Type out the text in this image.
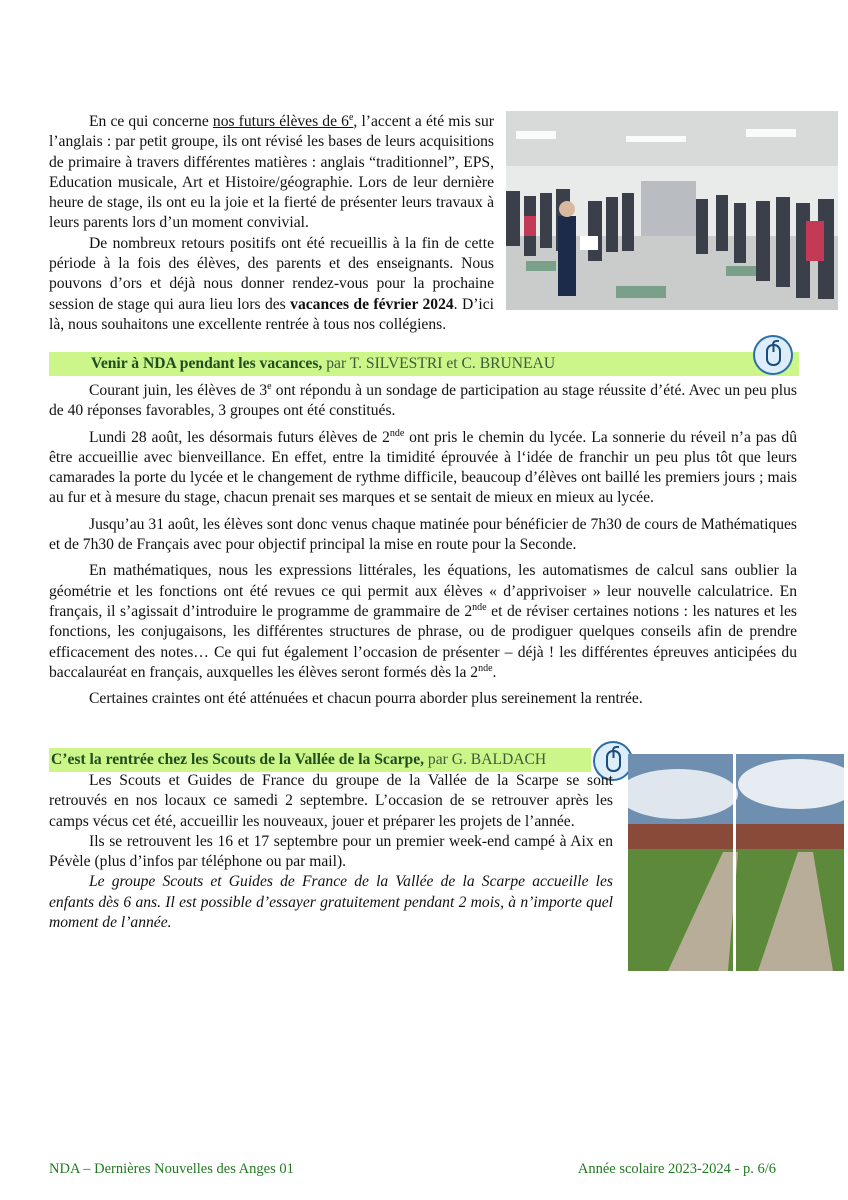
En ce qui concerne nos futurs élèves de 6e, l’accent a été mis sur l’anglais : par petit groupe, ils ont révisé les bases de leurs acquisitions de primaire à travers différentes matières : anglais “traditionnel”, EPS, Education musicale, Art et Histoire/géographie. Lors de leur dernière heure de stage, ils ont eu la joie et la fierté de présenter leurs travaux à leurs parents lors d’un moment convivial.

De nombreux retours positifs ont été recueillis à la fin de cette période à la fois des élèves, des parents et des enseignants. Nous pouvons d’ors et déjà nous donner rendez-vous pour la prochaine session de stage qui aura lieu lors des vacances de février 2024. D’ici là, nous souhaitons une excellente rentrée à tous nos collégiens.

Venir à NDA pendant les vacances, par T. SILVESTRI et C. BRUNEAU

Courant juin, les élèves de 3e ont répondu à un sondage de participation au stage réussite d’été. Avec un peu plus de 40 réponses favorables, 3 groupes ont été constitués.

Lundi 28 août, les désormais futurs élèves de 2nde ont pris le chemin du lycée. La sonnerie du réveil n’a pas dû être accueillie avec bienveillance. En effet, entre la timidité éprouvée à l‘idée de franchir un peu plus tôt que leurs camarades la porte du lycée et le changement de rythme difficile, beaucoup d’élèves ont baillé les premiers jours ; mais au fur et à mesure du stage, chacun prenait ses marques et se sentait de mieux en mieux au lycée.

Jusqu’au 31 août, les élèves sont donc venus chaque matinée pour bénéficier de 7h30 de cours de Mathématiques et de 7h30 de Français avec pour objectif principal la mise en route pour la Seconde.

En mathématiques, nous les expressions littérales, les équations, les automatismes de calcul sans oublier la géométrie et les fonctions ont été revues ce qui permit aux élèves « d’apprivoiser » leur nouvelle calculatrice. En français, il s’agissait d’introduire le programme de grammaire de 2nde et de réviser certaines notions : les natures et les fonctions, les conjugaisons, les différentes structures de phrase, ou de prodiguer quelques conseils afin de prendre efficacement des notes… Ce qui fut également l’occasion de présenter – déjà ! les différentes épreuves anticipées du baccalauréat en français, auxquelles les élèves seront formés dès la 2nde.

Certaines craintes ont été atténuées et chacun pourra aborder plus sereinement la rentrée.

C’est la rentrée chez les Scouts de la Vallée de la Scarpe, par G. BALDACH

Les Scouts et Guides de France du groupe de la Vallée de la Scarpe se sont retrouvés en nos locaux ce samedi 2 septembre. L’occasion de se retrouver après les camps vécus cet été, accueillir les nouveaux, jouer et préparer les projets de l’année.

Ils se retrouvent les 16 et 17 septembre pour un premier week-end campé à Aix en Pévèle (plus d’infos par téléphone ou par mail).

Le groupe Scouts et Guides de France de la Vallée de la Scarpe accueille les enfants dès 6 ans. Il est possible d’essayer gratuitement pendant 2 mois, à n’importe quel moment de l’année.

NDA – Dernières Nouvelles des Anges 01	Année scolaire 2023-2024 - p. 6/6
